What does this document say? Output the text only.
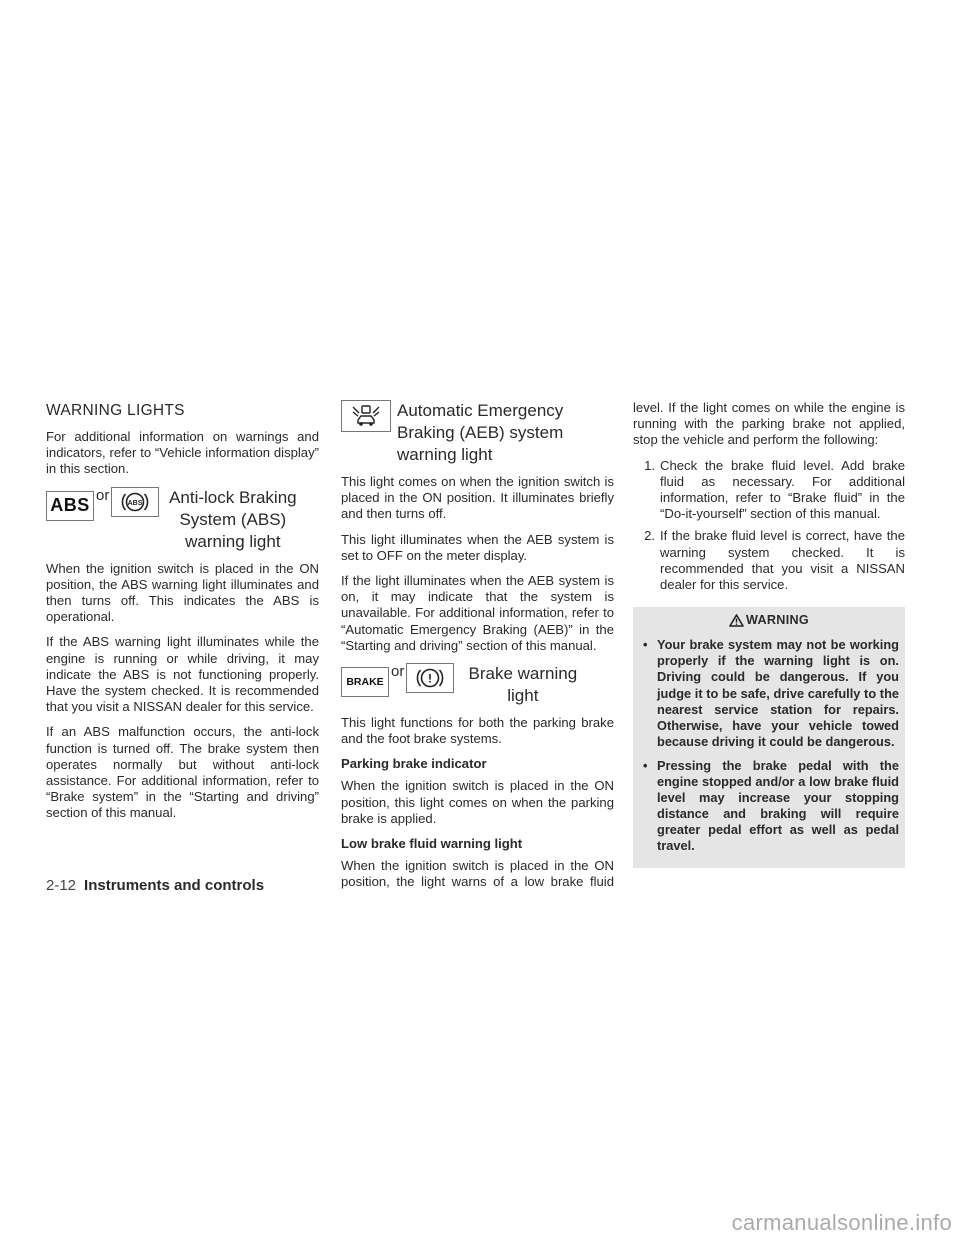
WARNING LIGHTS

For additional information on warnings and indicators, refer to “Vehicle information display” in this section.

ABS or	ABS Anti-lock Braking System (ABS) warning light

When the ignition switch is placed in the ON position, the ABS warning light illuminates and then turns off. This indicates the ABS is operational.

If the ABS warning light illuminates while the engine is running or while driving, it may indicate the ABS is not functioning properly. Have the system checked. It is recommended that you visit a NISSAN dealer for this service.

If an ABS malfunction occurs, the anti-lock function is turned off. The brake system then operates normally but without anti-lock assistance. For additional information, refer to “Brake system” in the “Starting and driving” section of this manual.

Automatic Emergency Braking (AEB) system warning light

This light comes on when the ignition switch is placed in the ON position. It illuminates briefly and then turns off.

This light illuminates when the AEB system is set to OFF on the meter display.

If the light illuminates when the AEB system is on, it may indicate that the system is unavailable. For additional information, refer to “Automatic Emergency Braking (AEB)” in the “Starting and driving” section of this manual.

BRAKE
or !	Brake warning light

This light functions for both the parking brake and the foot brake systems.

Parking brake indicator

When the ignition switch is placed in the ON position, this light comes on when the parking brake is applied.

Low brake fluid warning light

When the ignition switch is placed in the ON position, the light warns of a low brake fluid

level. If the light comes on while the engine is running with the parking brake not applied, stop the vehicle and perform the following:

1. Check the brake fluid level. Add brake fluid as necessary. For additional information, refer to “Brake fluid” in the “Do-it-yourself” section of this manual.
2. If the brake fluid level is correct, have the warning system checked. It is recommended that you visit a NISSAN dealer for this service.
WARNING
• Your brake system may not be working properly if the warning light is on. Driving could be dangerous. If you judge it to be safe, drive carefully to the nearest service station for repairs. Otherwise, have your vehicle towed because driving it could be dangerous.
• Pressing the brake pedal with the engine stopped and/or a low brake fluid level may increase your stopping distance and braking will require greater pedal effort as well as pedal travel.
2-12 Instruments and controls
carmanualsonline.info
